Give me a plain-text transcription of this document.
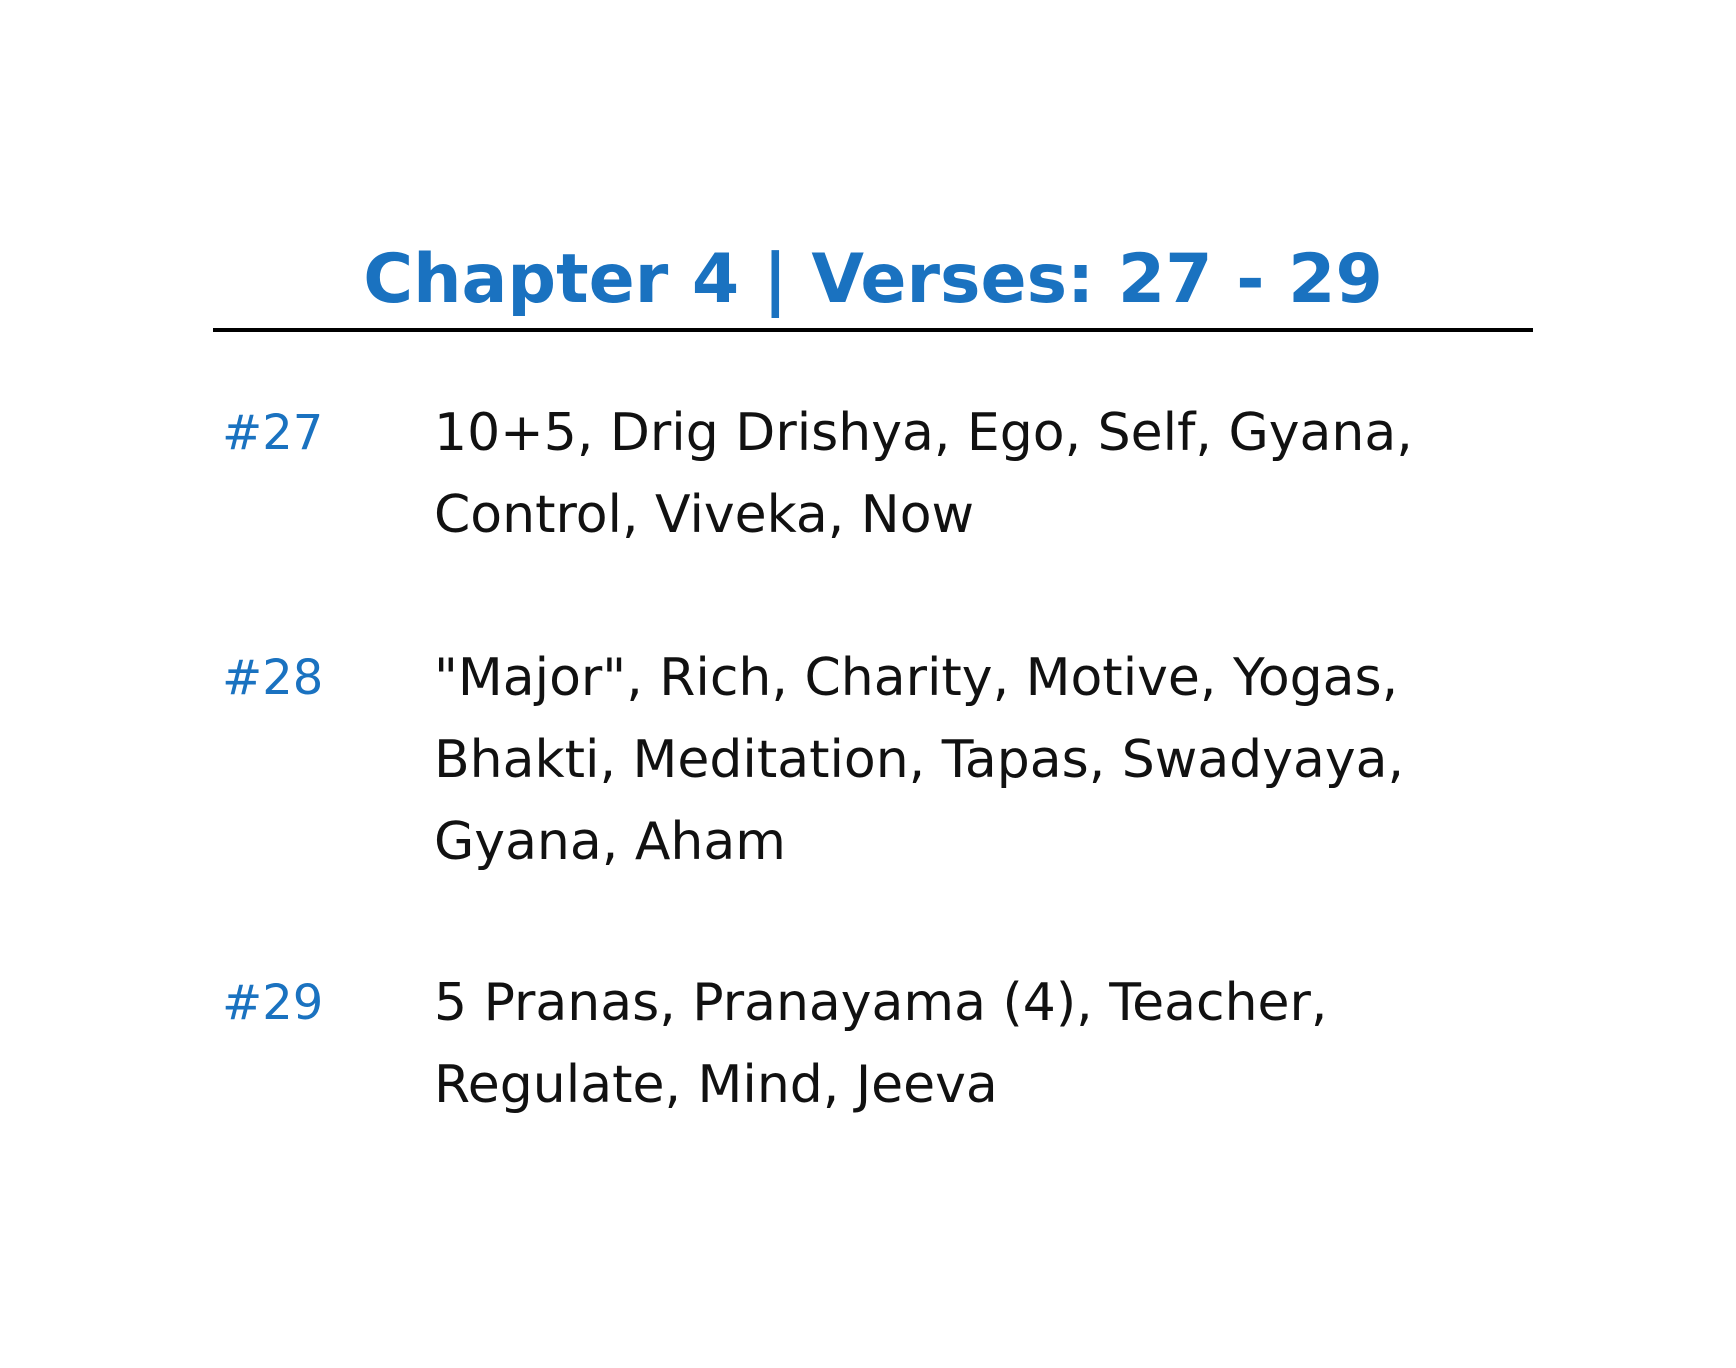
Chapter 4 | Verses: 27 - 29
#27 10+5, Drig Drishya, Ego, Self, Gyana,
Control, Viveka, Now
#28 "Major", Rich, Charity, Motive, Yogas,
Bhakti, Meditation, Tapas, Swadyaya,
Gyana, Aham
#29 5 Pranas, Pranayama (4), Teacher,
Regulate, Mind, Jeeva
